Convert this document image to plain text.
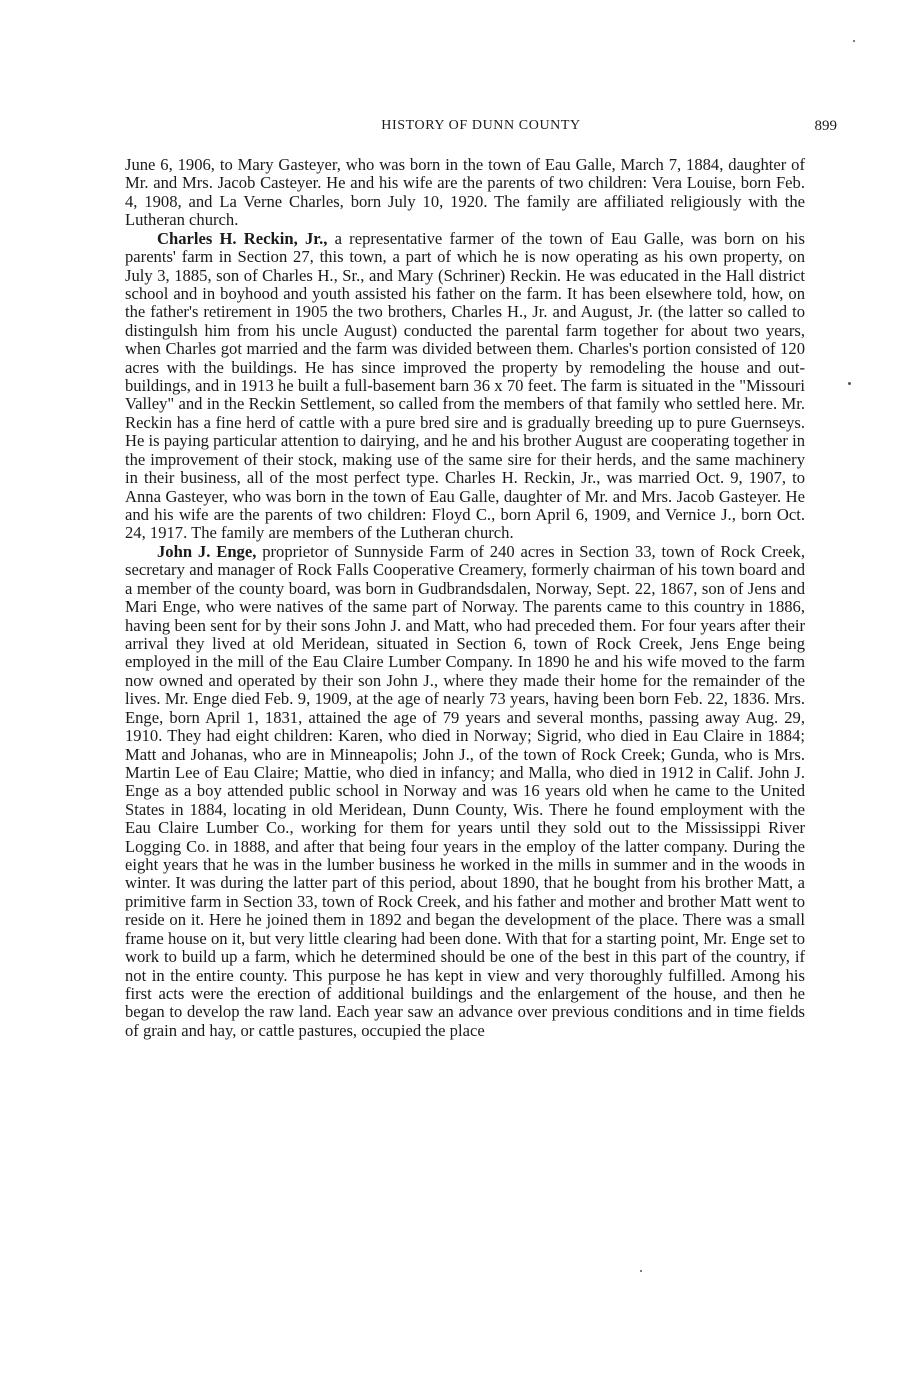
HISTORY OF DUNN COUNTY	899

June 6, 1906, to Mary Gasteyer, who was born in the town of Eau Galle, March 7, 1884, daughter of Mr. and Mrs. Jacob Casteyer. He and his wife are the parents of two children: Vera Louise, born Feb. 4, 1908, and La Verne Charles, born July 10, 1920. The family are affiliated religiously with the Lutheran church.

Charles H. Reckin, Jr., a representative farmer of the town of Eau Galle, was born on his parents' farm in Section 27, this town, a part of which he is now operating as his own property, on July 3, 1885, son of Charles H., Sr., and Mary (Schriner) Reckin. He was educated in the Hall district school and in boyhood and youth assisted his father on the farm. It has been elsewhere told, how, on the father's retirement in 1905 the two brothers, Charles H., Jr. and August, Jr. (the latter so called to distingulsh him from his uncle August) conducted the parental farm together for about two years, when Charles got married and the farm was divided between them. Charles's portion consisted of 120 acres with the buildings. He has since improved the property by remodeling the house and out-buildings, and in 1913 he built a full-basement barn 36 x 70 feet. The farm is situated in the "Missouri Valley" and in the Reckin Settlement, so called from the members of that family who settled here. Mr. Reckin has a fine herd of cattle with a pure bred sire and is gradually breeding up to pure Guernseys. He is paying particular attention to dairying, and he and his brother August are cooperating together in the improvement of their stock, making use of the same sire for their herds, and the same machinery in their business, all of the most perfect type. Charles H. Reckin, Jr., was married Oct. 9, 1907, to Anna Gasteyer, who was born in the town of Eau Galle, daughter of Mr. and Mrs. Jacob Gasteyer. He and his wife are the parents of two children: Floyd C., born April 6, 1909, and Vernice J., born Oct. 24, 1917. The family are members of the Lutheran church.

John J. Enge, proprietor of Sunnyside Farm of 240 acres in Section 33, town of Rock Creek, secretary and manager of Rock Falls Cooperative Creamery, formerly chairman of his town board and a member of the county board, was born in Gudbrandsdalen, Norway, Sept. 22, 1867, son of Jens and Mari Enge, who were natives of the same part of Norway. The parents came to this country in 1886, having been sent for by their sons John J. and Matt, who had preceded them. For four years after their arrival they lived at old Meridean, situated in Section 6, town of Rock Creek, Jens Enge being employed in the mill of the Eau Claire Lumber Company. In 1890 he and his wife moved to the farm now owned and operated by their son John J., where they made their home for the remainder of the lives. Mr. Enge died Feb. 9, 1909, at the age of nearly 73 years, having been born Feb. 22, 1836. Mrs. Enge, born April 1, 1831, attained the age of 79 years and several months, passing away Aug. 29, 1910. They had eight children: Karen, who died in Norway; Sigrid, who died in Eau Claire in 1884; Matt and Johanas, who are in Minneapolis; John J., of the town of Rock Creek; Gunda, who is Mrs. Martin Lee of Eau Claire; Mattie, who died in infancy; and Malla, who died in 1912 in Calif. John J. Enge as a boy attended public school in Norway and was 16 years old when he came to the United States in 1884, locating in old Meridean, Dunn County, Wis. There he found employment with the Eau Claire Lumber Co., working for them for years until they sold out to the Mississippi River Logging Co. in 1888, and after that being four years in the employ of the latter company. During the eight years that he was in the lumber business he worked in the mills in summer and in the woods in winter. It was during the latter part of this period, about 1890, that he bought from his brother Matt, a primitive farm in Section 33, town of Rock Creek, and his father and mother and brother Matt went to reside on it. Here he joined them in 1892 and began the development of the place. There was a small frame house on it, but very little clearing had been done. With that for a starting point, Mr. Enge set to work to build up a farm, which he determined should be one of the best in this part of the country, if not in the entire county. This purpose he has kept in view and very thoroughly fulfilled. Among his first acts were the erection of additional buildings and the enlargement of the house, and then he began to develop the raw land. Each year saw an advance over previous conditions and in time fields of grain and hay, or cattle pastures, occupied the place
